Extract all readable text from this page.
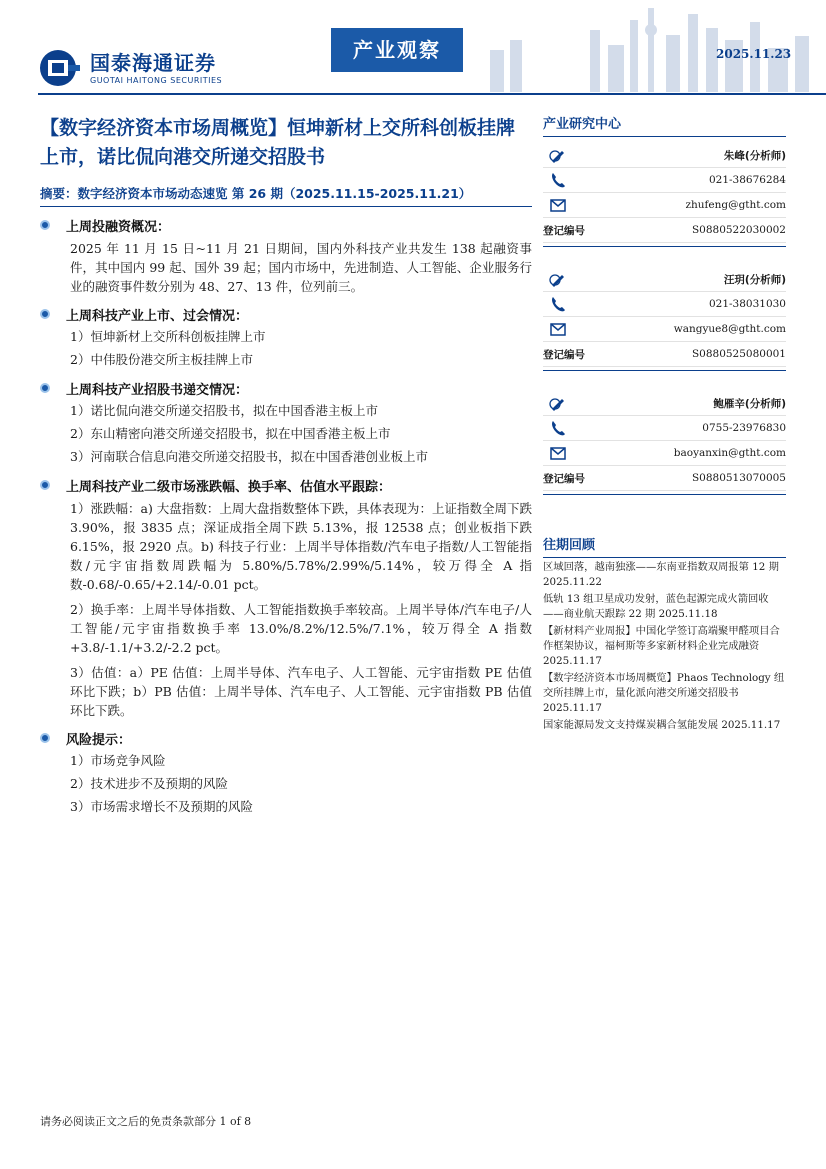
国泰海通证券
GUOTAI HAITONG SECURITIES
产业观察	2025.11.23
【数字经济资本市场周概览】恒坤新材上交所科创板挂牌上市，诺比侃向港交所递交招股书
摘要：数字经济资本市场动态速览 第 26 期（2025.11.15-2025.11.21）
上周投融资概况：
2025 年 11 月 15 日~11 月 21 日期间，国内外科技产业共发生 138 起融资事件，其中国内 99 起、国外 39 起；国内市场中，先进制造、人工智能、企业服务行业的融资事件数分别为 48、27、13 件，位列前三。
上周科技产业上市、过会情况：
1）恒坤新材上交所科创板挂牌上市
2）中伟股份港交所主板挂牌上市
上周科技产业招股书递交情况：
1）诺比侃向港交所递交招股书，拟在中国香港主板上市
2）东山精密向港交所递交招股书，拟在中国香港主板上市
3）河南联合信息向港交所递交招股书，拟在中国香港创业板上市
上周科技产业二级市场涨跌幅、换手率、估值水平跟踪：
1）涨跌幅：a) 大盘指数：上周大盘指数整体下跌，具体表现为：上证指数全周下跌 3.90%，报 3835 点；深证成指全周下跌 5.13%，报 12538 点；创业板指下跌 6.15%，报 2920 点。b) 科技子行业：上周半导体指数/汽车电子指数/人工智能指数/元宇宙指数周跌幅为 5.80%/5.78%/2.99%/5.14%，较万得全 A 指数-0.68/-0.65/+2.14/-0.01 pct。
2）换手率：上周半导体指数、人工智能指数换手率较高。上周半导体/汽车电子/人工智能/元宇宙指数换手率 13.0%/8.2%/12.5%/7.1%，较万得全 A 指数+3.8/-1.1/+3.2/-2.2 pct。
3）估值：a）PE 估值：上周半导体、汽车电子、人工智能、元宇宙指数 PE 估值环比下跌；b）PB 估值：上周半导体、汽车电子、人工智能、元宇宙指数 PB 估值环比下跌。
风险提示：
1）市场竞争风险
2）技术进步不及预期的风险
3）市场需求增长不及预期的风险
产业研究中心
朱峰(分析师)
021-38676284
zhufeng@gtht.com
登记编号	S0880522030002
汪玥(分析师)
021-38031030
wangyue8@gtht.com
登记编号	S0880525080001
鲍雁辛(分析师)
0755-23976830
baoyanxin@gtht.com
登记编号	S0880513070005
往期回顾
区域回落，越南独涨——东南亚指数双周报第 12 期 2025.11.22
低轨 13 组卫星成功发射，蓝色起源完成火箭回收——商业航天跟踪 22 期 2025.11.18
【新材料产业周报】中国化学签订高端聚甲醛项目合作框架协议，福柯斯等多家新材料企业完成融资 2025.11.17
【数字经济资本市场周概览】Phaos Technology 纽交所挂牌上市，量化派向港交所递交招股书 2025.11.17
国家能源局发文支持煤炭耦合氢能发展 2025.11.17
请务必阅读正文之后的免责条款部分 1 of 8
